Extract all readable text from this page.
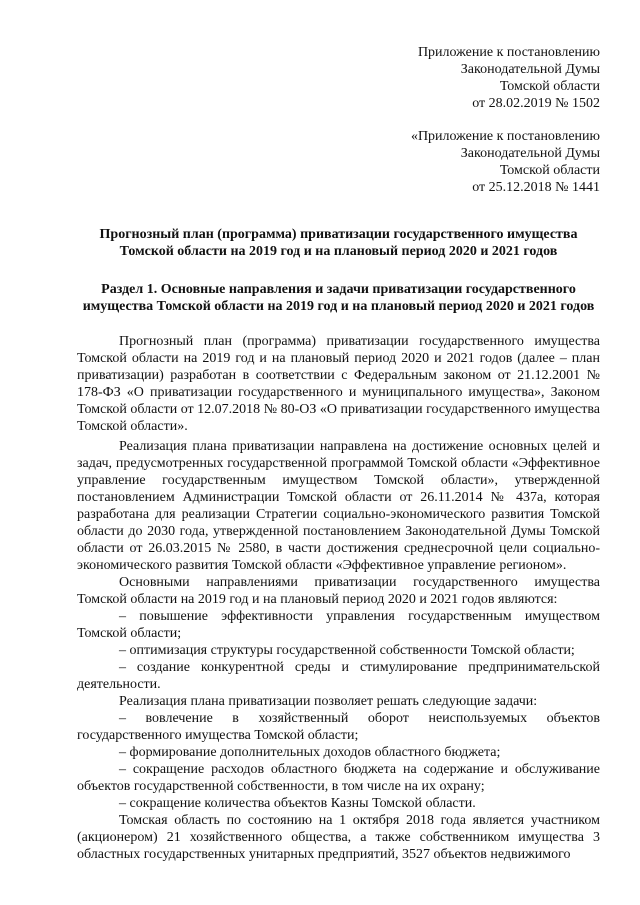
Приложение к постановлению

Законодательной Думы

Томской области

от 28.02.2019 № 1502

«Приложение к постановлению

Законодательной Думы

Томской области

от 25.12.2018 № 1441

Прогнозный план (программа) приватизации государственного имущества

Томской области на 2019 год и на плановый период 2020 и 2021 годов

Раздел 1. Основные направления и задачи приватизации государственного

имущества Томской области на 2019 год и на плановый период 2020 и 2021 годов

Прогнозный план (программа) приватизации государственного имущества Томской области на 2019 год и на плановый период 2020 и 2021 годов (далее – план приватизации) разработан в соответствии с Федеральным законом от 21.12.2001 № 178-ФЗ «О приватизации государственного и муниципального имущества», Законом Томской области от 12.07.2018 № 80-ОЗ «О приватизации государственного имущества Томской области».

Реализация плана приватизации направлена на достижение основных целей и задач, предусмотренных государственной программой Томской области «Эффективное управление государственным имуществом Томской области», утвержденной постановлением Администрации Томской области от 26.11.2014 № 437а, которая разработана для реализации Стратегии социально-экономического развития Томской области до 2030 года, утвержденной постановлением Законодательной Думы Томской области от 26.03.2015 № 2580, в части достижения среднесрочной цели социально-экономического развития Томской области «Эффективное управление регионом».

Основными направлениями приватизации государственного имущества Томской области на 2019 год и на плановый период 2020 и 2021 годов являются:

– повышение эффективности управления государственным имуществом Томской области;

– оптимизация структуры государственной собственности Томской области;

– создание конкурентной среды и стимулирование предпринимательской деятельности.

Реализация плана приватизации позволяет решать следующие задачи:

– вовлечение в хозяйственный оборот неиспользуемых объектов государственного имущества Томской области;

– формирование дополнительных доходов областного бюджета;

– сокращение расходов областного бюджета на содержание и обслуживание объектов государственной собственности, в том числе на их охрану;

– сокращение количества объектов Казны Томской области.

Томская область по состоянию на 1 октября 2018 года является участником (акционером) 21 хозяйственного общества, а также собственником имущества 3 областных государственных унитарных предприятий, 3527 объектов недвижимого
